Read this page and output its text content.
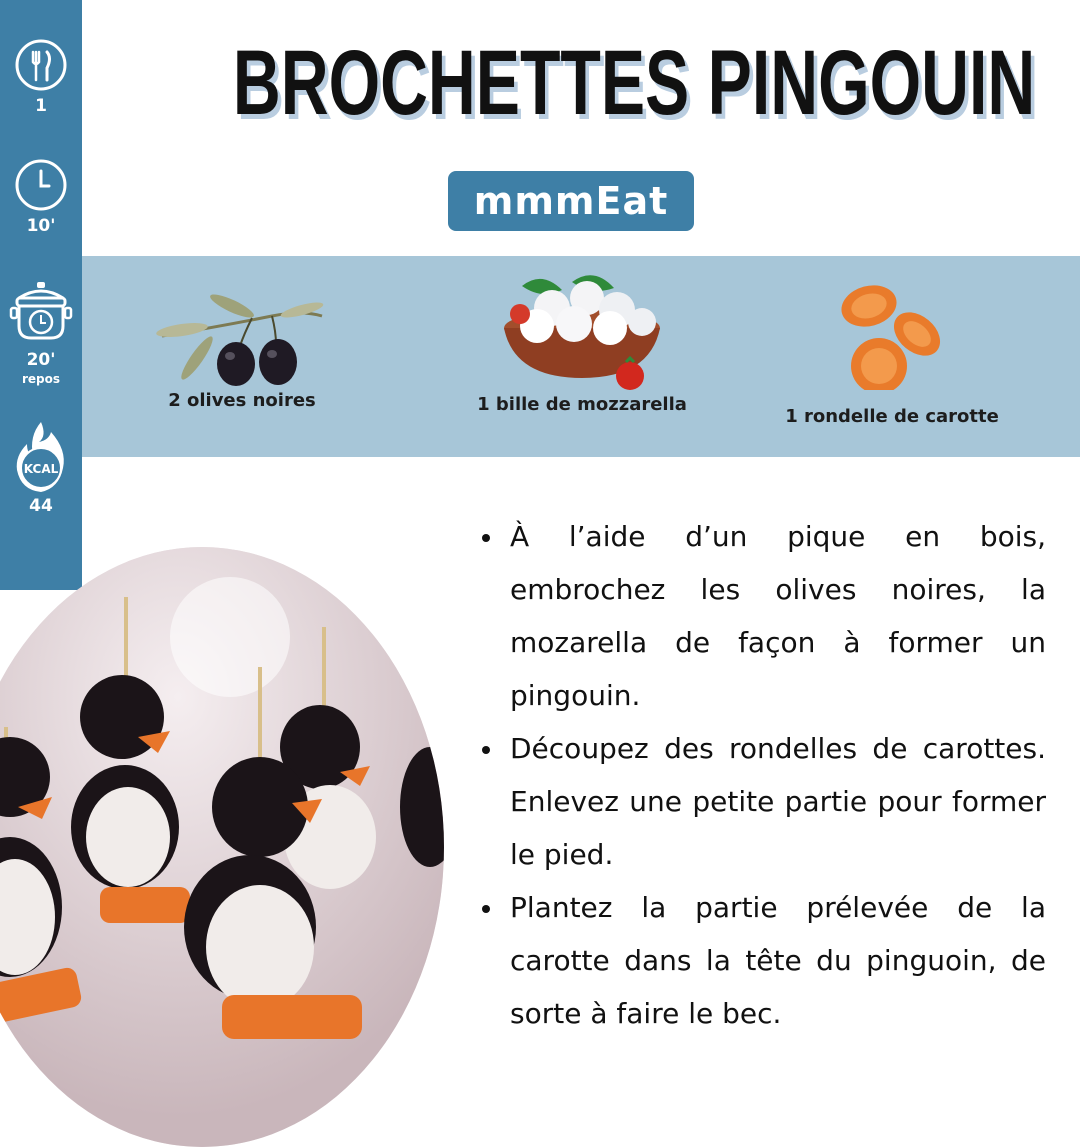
1
10'
20'
repos
KCAL
44
BROCHETTES PINGOUIN
mmmEat
2 olives noires	1 bille de mozzarella
1 rondelle de carotte
À l’aide d’un pique en bois, embrochez les olives noires, la mozarella de façon à former un pingouin.
Découpez des rondelles de carottes. Enlevez une petite partie pour former le pied.
Plantez la partie prélevée de la carotte dans la tête du pinguoin, de sorte à faire le bec.
